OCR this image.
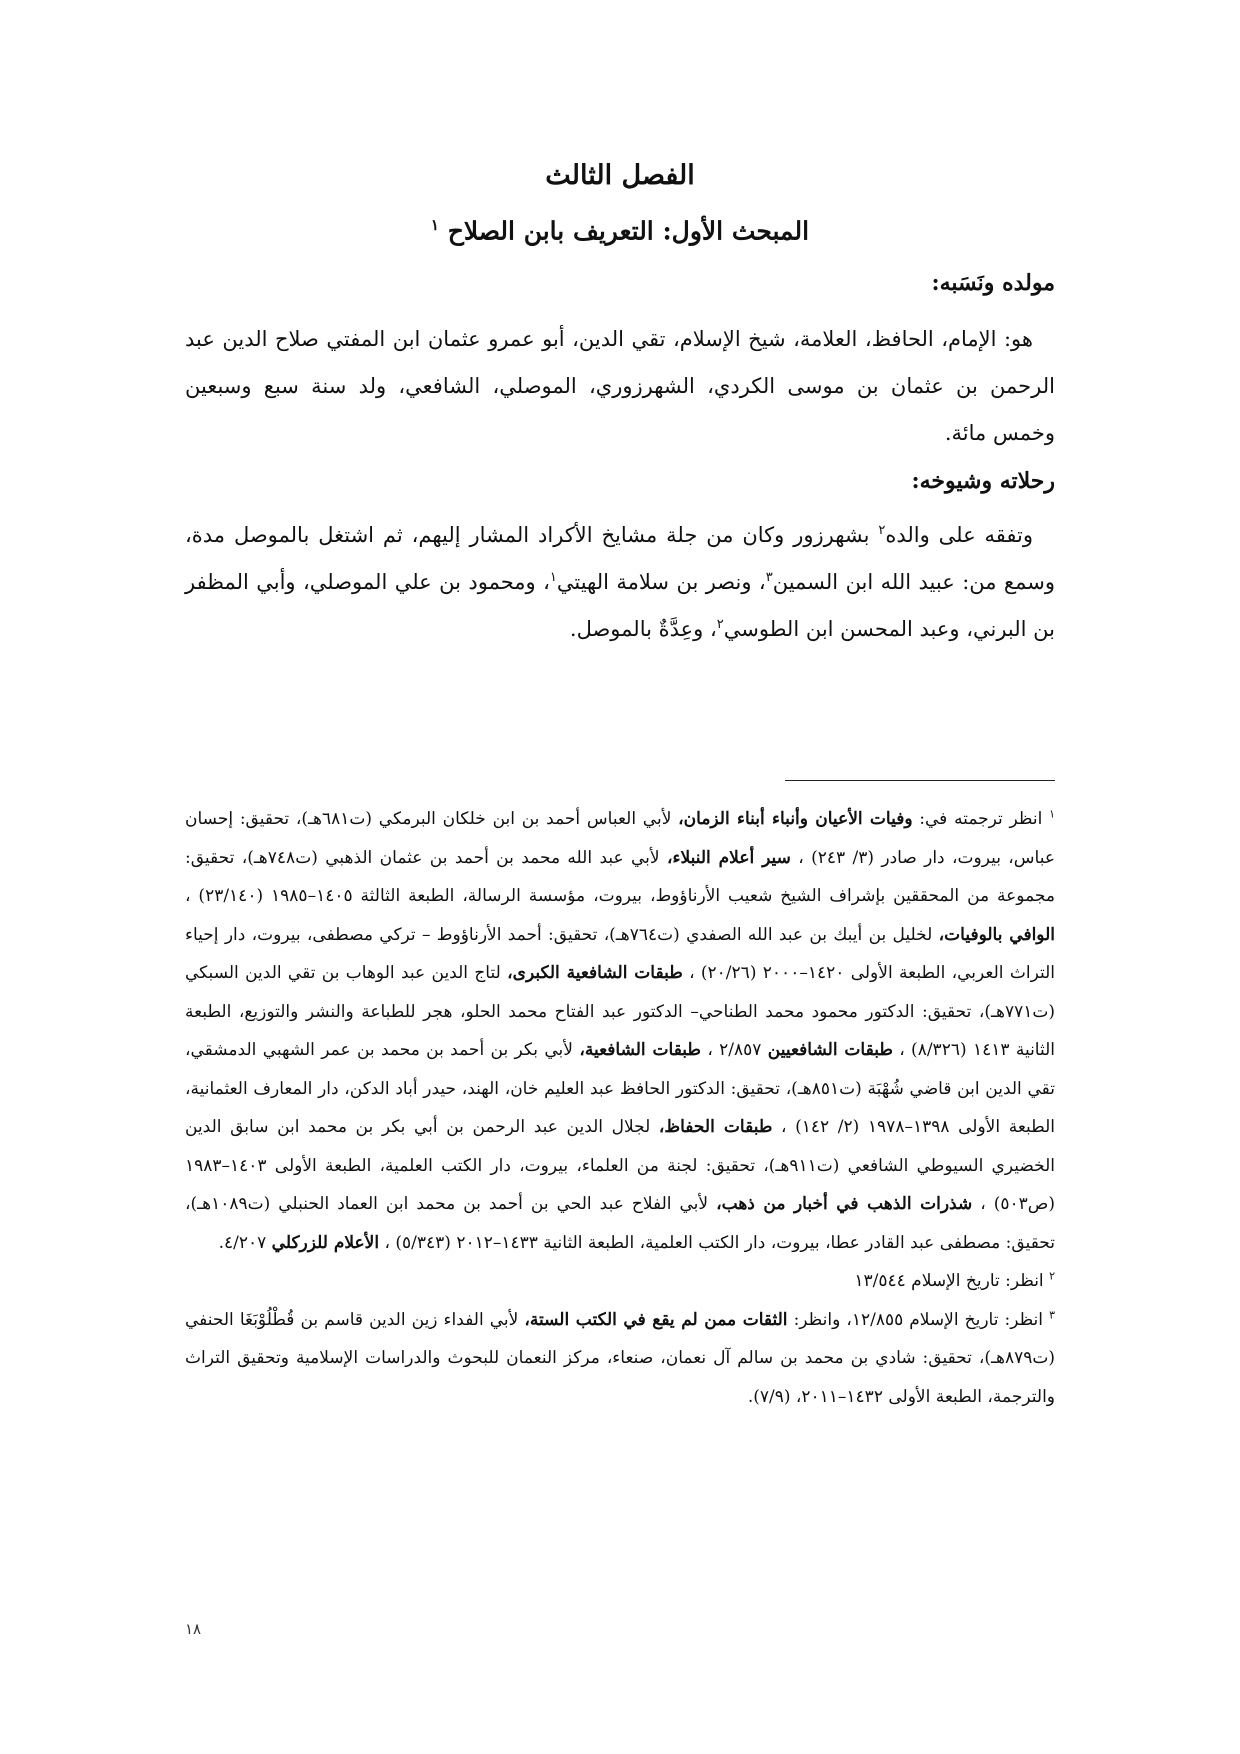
الفصل الثالث
المبحث الأول: التعريف بابن الصلاح $^١$
مولده ونَسَبه:

هو: الإمام، الحافظ، العلامة، شيخ الإسلام، تقي الدين، أبو عمرو عثمان ابن المفتي صلاح الدين عبد الرحمن بن عثمان بن موسى الكردي، الشهرزوري، الموصلي، الشافعي، ولد سنة سبع وسبعين وخمس مائة.

رحلاته وشيوخه:

وتفقه على والده$^٢$ بشهرزور وكان من جلة مشايخ الأكراد المشار إليهم، ثم اشتغل بالموصل مدة، وسمع من: عبيد الله ابن السمين$^٣$، ونصر بن سلامة الهيتي$^١$، ومحمود بن علي الموصلي، وأبي المظفر بن البرني، وعبد المحسن ابن الطوسي$^٢$، وعِدَّةٌ بالموصل.

$^١$ انظر ترجمته في: وفيات الأعيان وأنباء أبناء الزمان، لأبي العباس أحمد بن ابن خلكان البرمكي (ت٦٨١هـ)، تحقيق: إحسان عباس، بيروت، دار صادر (٣/ ٢٤٣) ، سير أعلام النبلاء، لأبي عبد الله محمد بن أحمد بن عثمان الذهبي (ت٧٤٨هـ)، تحقيق: مجموعة من المحققين بإشراف الشيخ شعيب الأرناؤوط، بيروت، مؤسسة الرسالة، الطبعة الثالثة ١٤٠٥–١٩٨٥ (٢٣/١٤٠) ، الوافي بالوفيات، لخليل بن أيبك بن عبد الله الصفدي (ت٧٦٤هـ)، تحقيق: أحمد الأرناؤوط – تركي مصطفى، بيروت، دار إحياء التراث العربي، الطبعة الأولى ١٤٢٠–٢٠٠٠ (٢٠/٢٦) ، طبقات الشافعية الكبرى، لتاج الدين عبد الوهاب بن تقي الدين السبكي (ت٧٧١هـ)، تحقيق: الدكتور محمود محمد الطناحي– الدكتور عبد الفتاح محمد الحلو، هجر للطباعة والنشر والتوزيع، الطبعة الثانية ١٤١٣ (٨/٣٢٦) ، طبقات الشافعيين ٢/٨٥٧ ، طبقات الشافعية، لأبي بكر بن أحمد بن محمد بن عمر الشهبي الدمشقي، تقي الدين ابن قاضي شُهْبَة (ت٨٥١هـ)، تحقيق: الدكتور الحافظ عبد العليم خان، الهند، حيدر أباد الدكن، دار المعارف العثمانية، الطبعة الأولى ١٣٩٨–١٩٧٨ (٢/ ١٤٢) ، طبقات الحفاظ، لجلال الدين عبد الرحمن بن أبي بكر بن محمد ابن سابق الدين الخضيري السيوطي الشافعي (ت٩١١هـ)، تحقيق: لجنة من العلماء، بيروت، دار الكتب العلمية، الطبعة الأولى ١٤٠٣–١٩٨٣ (ص٥٠٣) ، شذرات الذهب في أخبار من ذهب، لأبي الفلاح عبد الحي بن أحمد بن محمد ابن العماد الحنبلي (ت١٠٨٩هـ)، تحقيق: مصطفى عبد القادر عطا، بيروت، دار الكتب العلمية، الطبعة الثانية ١٤٣٣–٢٠١٢ (٥/٣٤٣) ، الأعلام للزركلي ٤/٢٠٧.

$^٢$ انظر: تاريخ الإسلام ١٣/٥٤٤

$^٣$ انظر: تاريخ الإسلام ١٢/٨٥٥، وانظر: الثقات ممن لم يقع في الكتب الستة، لأبي الفداء زين الدين قاسم بن قُطْلُوْبَغَا الحنفي (ت٨٧٩هـ)، تحقيق: شادي بن محمد بن سالم آل نعمان، صنعاء، مركز النعمان للبحوث والدراسات الإسلامية وتحقيق التراث والترجمة، الطبعة الأولى ١٤٣٢–٢٠١١، (٧/٩).

١٨
